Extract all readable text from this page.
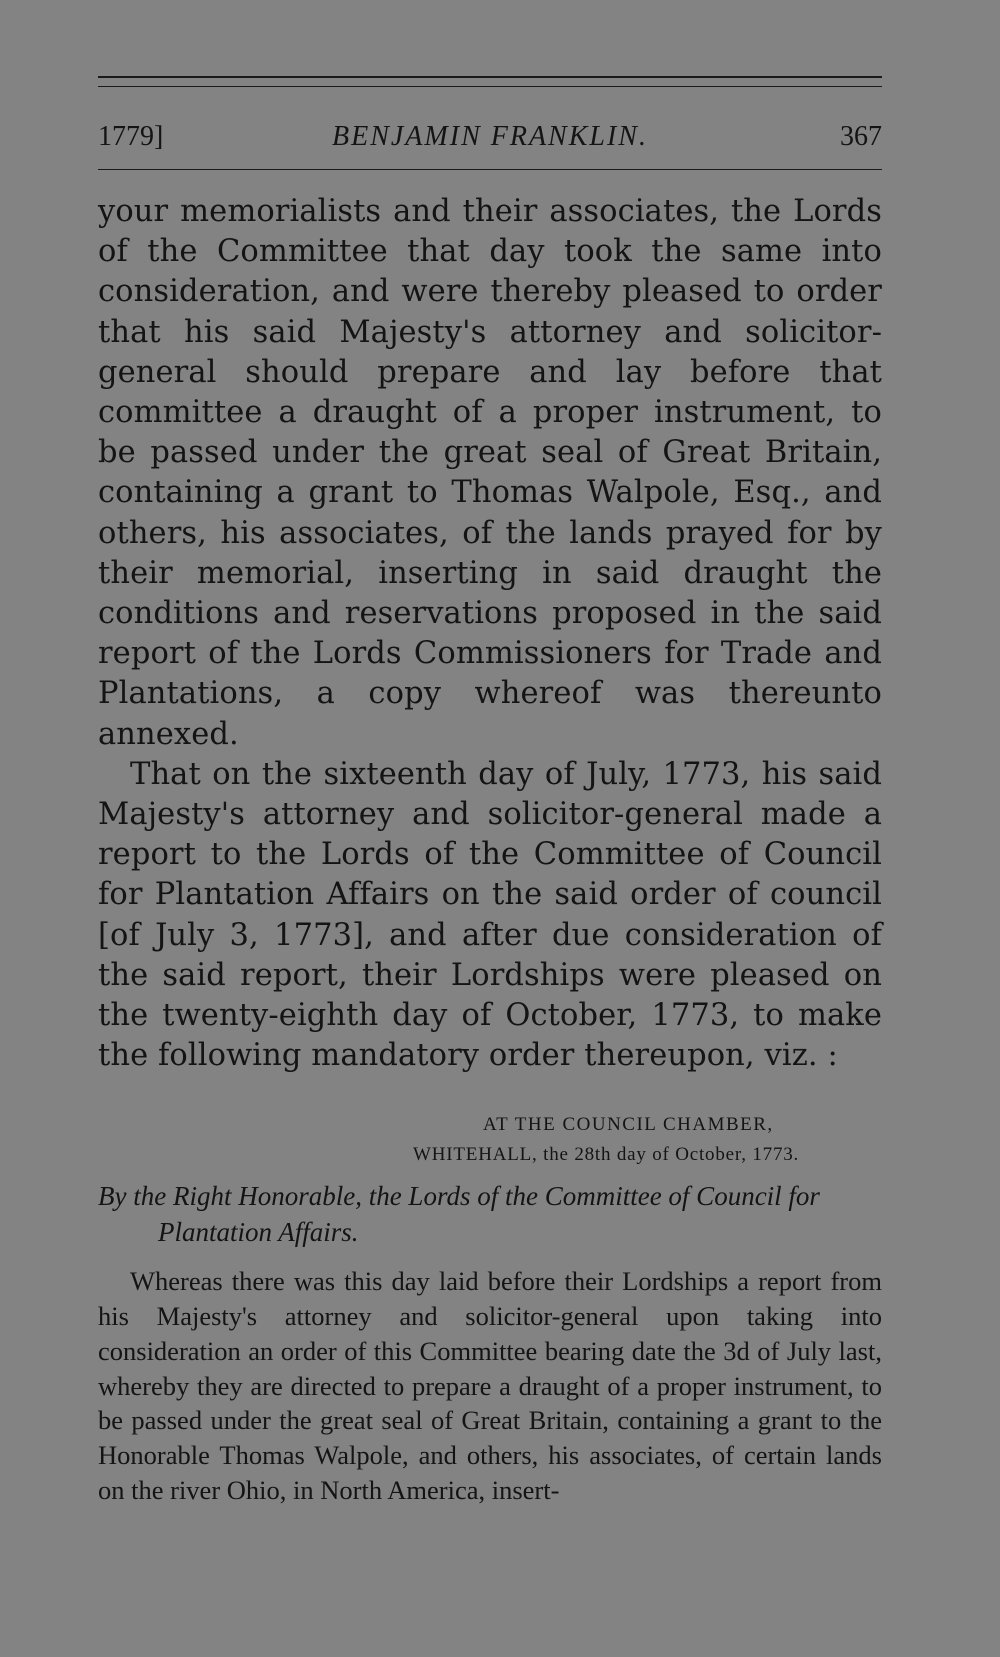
1779]	BENJAMIN FRANKLIN.	367

your memorialists and their associates, the Lords of the Committee that day took the same into consideration, and were thereby pleased to order that his said Majesty's attorney and solicitor-general should prepare and lay before that committee a draught of a proper instrument, to be passed under the great seal of Great Britain, containing a grant to Thomas Walpole, Esq., and others, his associates, of the lands prayed for by their memorial, inserting in said draught the conditions and reservations proposed in the said report of the Lords Commissioners for Trade and Plantations, a copy whereof was thereunto annexed.

That on the sixteenth day of July, 1773, his said Majesty's attorney and solicitor-general made a report to the Lords of the Committee of Council for Plantation Affairs on the said order of council [of July 3, 1773], and after due consideration of the said report, their Lordships were pleased on the twenty-eighth day of October, 1773, to make the following mandatory order thereupon, viz. :

AT THE COUNCIL CHAMBER,
WHITEHALL, the 28th day of October, 1773.
By the Right Honorable, the Lords of the Committee of Council for Plantation Affairs.

Whereas there was this day laid before their Lordships a report from his Majesty's attorney and solicitor-general upon taking into consideration an order of this Committee bearing date the 3d of July last, whereby they are directed to prepare a draught of a proper instrument, to be passed under the great seal of Great Britain, containing a grant to the Honorable Thomas Walpole, and others, his associates, of certain lands on the river Ohio, in North America, insert-
